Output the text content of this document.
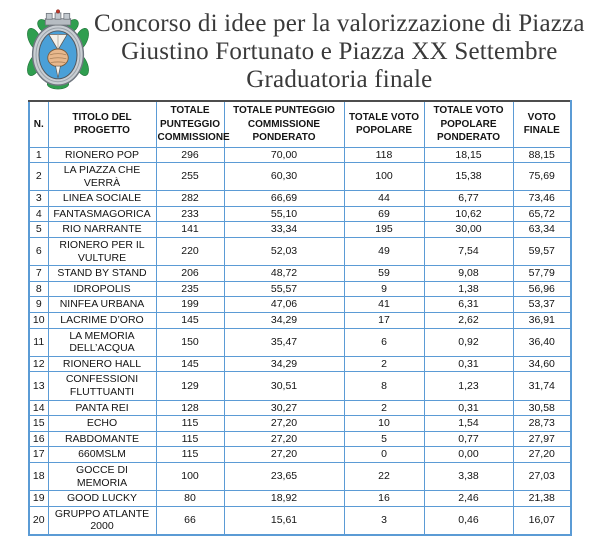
Concorso di idee per la valorizzazione di Piazza
Giustino Fortunato e Piazza XX Settembre
Graduatoria finale
N.	TITOLO DEL PROGETTO	TOTALE PUNTEGGIO COMMISSIONE	TOTALE PUNTEGGIO COMMISSIONE PONDERATO	TOTALE VOTO POPOLARE	TOTALE VOTO POPOLARE PONDERATO	VOTO FINALE
1	RIONERO POP	296	70,00	118	18,15	88,15
2	LA PIAZZA CHE VERRÀ	255	60,30	100	15,38	75,69
3	LINEA SOCIALE	282	66,69	44	6,77	73,46
4	FANTASMAGORICA	233	55,10	69	10,62	65,72
5	RIO NARRANTE	141	33,34	195	30,00	63,34
6	RIONERO PER IL VULTURE	220	52,03	49	7,54	59,57
7	STAND BY STAND	206	48,72	59	9,08	57,79
8	IDROPOLIS	235	55,57	9	1,38	56,96
9	NINFEA URBANA	199	47,06	41	6,31	53,37
10	LACRIME D’ORO	145	34,29	17	2,62	36,91
11	LA MEMORIA DELL’ACQUA	150	35,47	6	0,92	36,40
12	RIONERO HALL	145	34,29	2	0,31	34,60
13	CONFESSIONI FLUTTUANTI	129	30,51	8	1,23	31,74
14	PANTA REI	128	30,27	2	0,31	30,58
15	ECHO	115	27,20	10	1,54	28,73
16	RABDOMANTE	115	27,20	5	0,77	27,97
17	660MSLM	115	27,20	0	0,00	27,20
18	GOCCE DI MEMORIA	100	23,65	22	3,38	27,03
19	GOOD LUCKY	80	18,92	16	2,46	21,38
20	GRUPPO ATLANTE 2000	66	15,61	3	0,46	16,07
